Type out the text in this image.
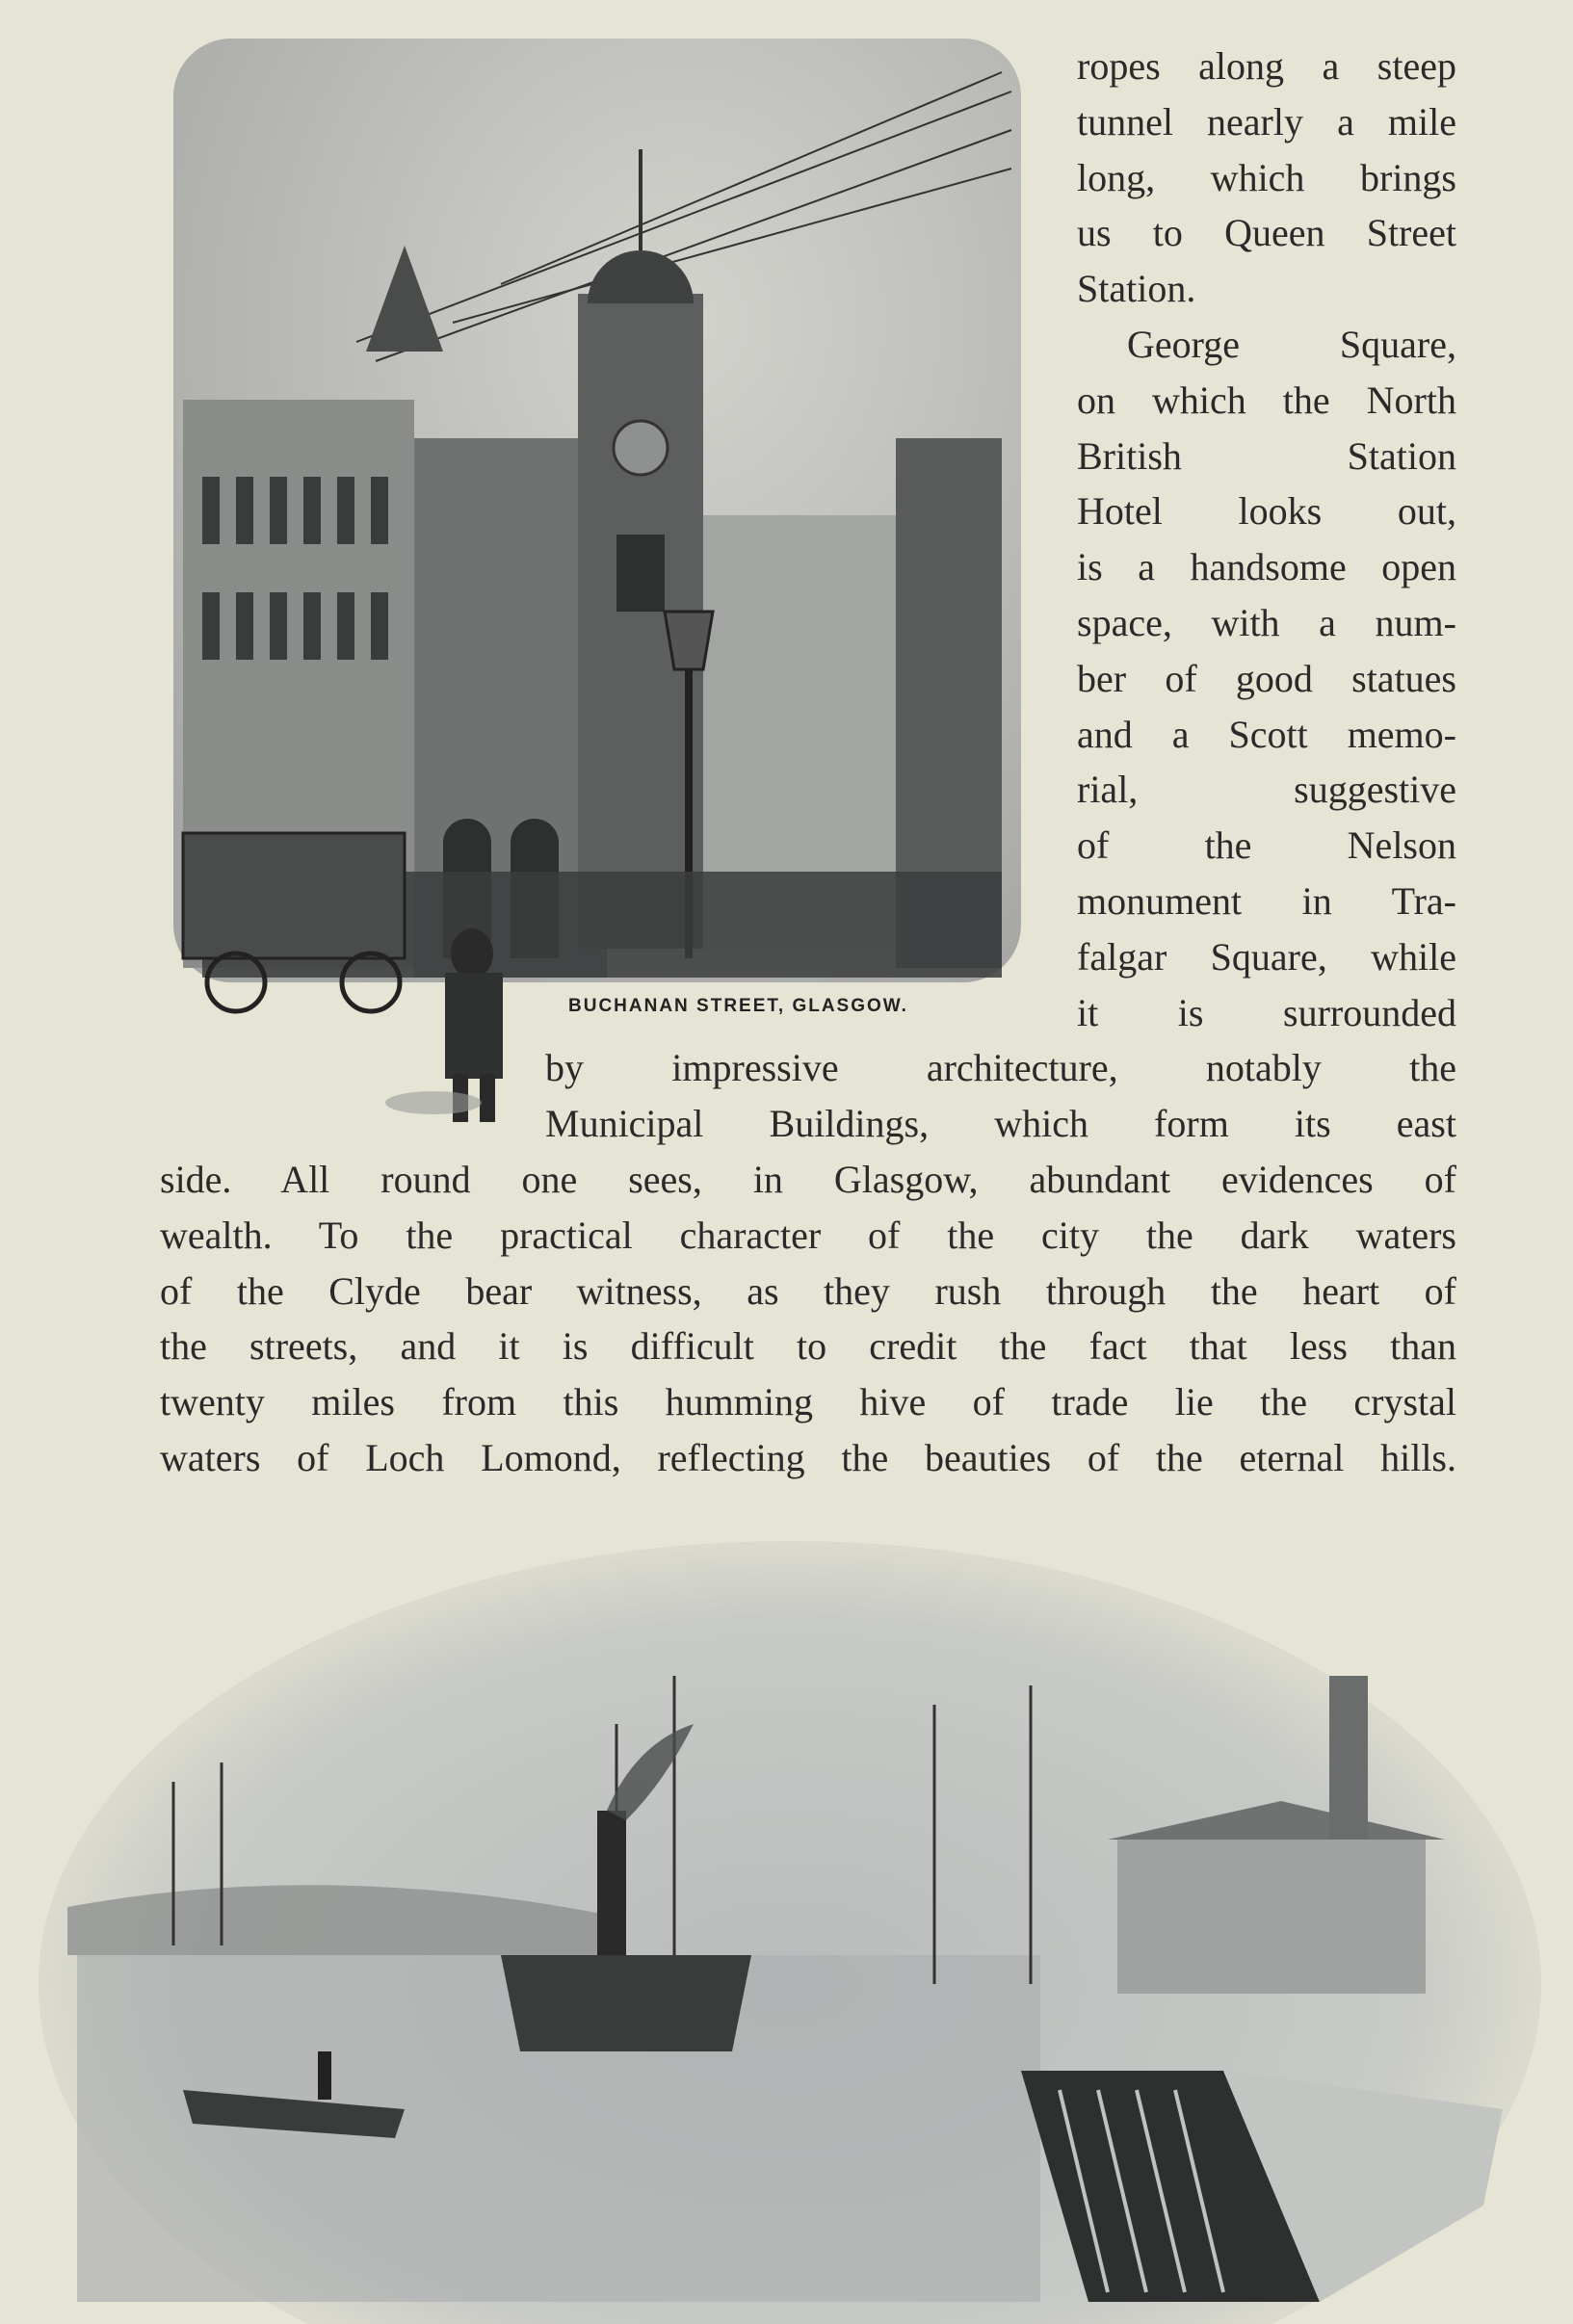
BUCHANAN STREET, GLASGOW.
ropes along a steep
tunnel nearly a mile
long, which brings
us to Queen Street
Station.
George Square,
on which the North
British Station
Hotel looks out,
is a handsome open
space, with a num-
ber of good statues
and a Scott memo-
rial, suggestive
of the Nelson
monument in Tra-
falgar Square, while
it is surrounded
by impressive architecture, notably the
Municipal Buildings, which form its east
side. All round one sees, in Glasgow, abundant evidences of
wealth. To the practical character of the city the dark waters
of the Clyde bear witness, as they rush through the heart of
the streets, and it is difficult to credit the fact that less than
twenty miles from this humming hive of trade lie the crystal
waters of Loch Lomond, reflecting the beauties of the eternal hills.
